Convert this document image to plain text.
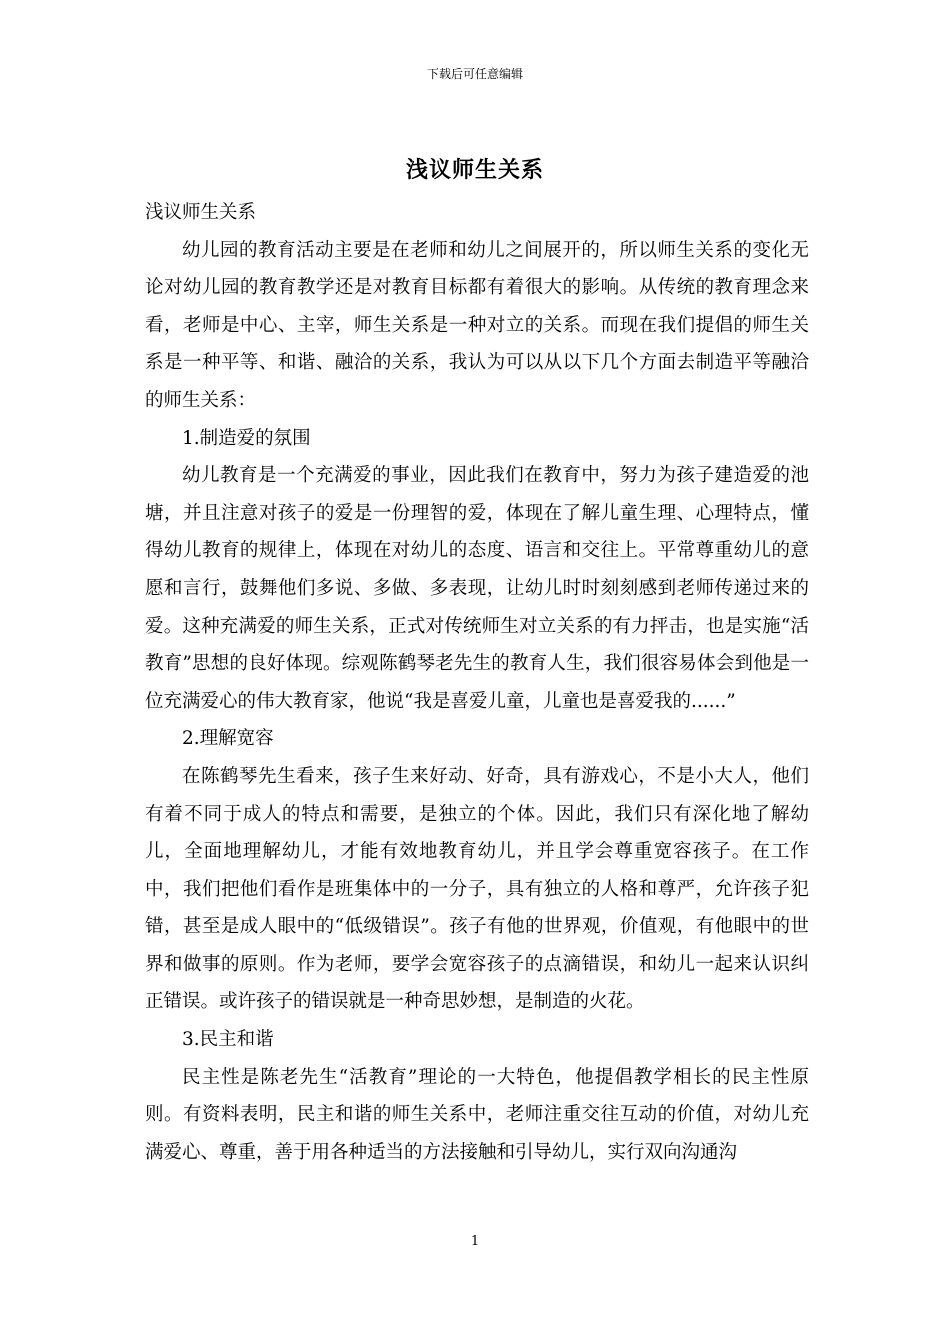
下载后可任意编辑
浅议师生关系

浅议师生关系

幼儿园的教育活动主要是在老师和幼儿之间展开的，所以师生关系的变化无论对幼儿园的教育教学还是对教育目标都有着很大的影响。从传统的教育理念来看，老师是中心、主宰，师生关系是一种对立的关系。而现在我们提倡的师生关系是一种平等、和谐、融洽的关系，我认为可以从以下几个方面去制造平等融洽的师生关系：

1.制造爱的氛围

幼儿教育是一个充满爱的事业，因此我们在教育中，努力为孩子建造爱的池塘，并且注意对孩子的爱是一份理智的爱，体现在了解儿童生理、心理特点，懂得幼儿教育的规律上，体现在对幼儿的态度、语言和交往上。平常尊重幼儿的意愿和言行，鼓舞他们多说、多做、多表现，让幼儿时时刻刻感到老师传递过来的爱。这种充满爱的师生关系，正式对传统师生对立关系的有力抨击，也是实施“活教育”思想的良好体现。综观陈鹤琴老先生的教育人生，我们很容易体会到他是一位充满爱心的伟大教育家，他说“我是喜爱儿童，儿童也是喜爱我的......”

2.理解宽容

在陈鹤琴先生看来，孩子生来好动、好奇，具有游戏心，不是小大人，他们有着不同于成人的特点和需要，是独立的个体。因此，我们只有深化地了解幼儿，全面地理解幼儿，才能有效地教育幼儿，并且学会尊重宽容孩子。在工作中，我们把他们看作是班集体中的一分子，具有独立的人格和尊严，允许孩子犯错，甚至是成人眼中的“低级错误”。孩子有他的世界观，价值观，有他眼中的世界和做事的原则。作为老师，要学会宽容孩子的点滴错误，和幼儿一起来认识纠正错误。或许孩子的错误就是一种奇思妙想，是制造的火花。

3.民主和谐

民主性是陈老先生“活教育”理论的一大特色，他提倡教学相长的民主性原则。有资料表明，民主和谐的师生关系中，老师注重交往互动的价值，对幼儿充满爱心、尊重，善于用各种适当的方法接触和引导幼儿，实行双向沟通沟

1
